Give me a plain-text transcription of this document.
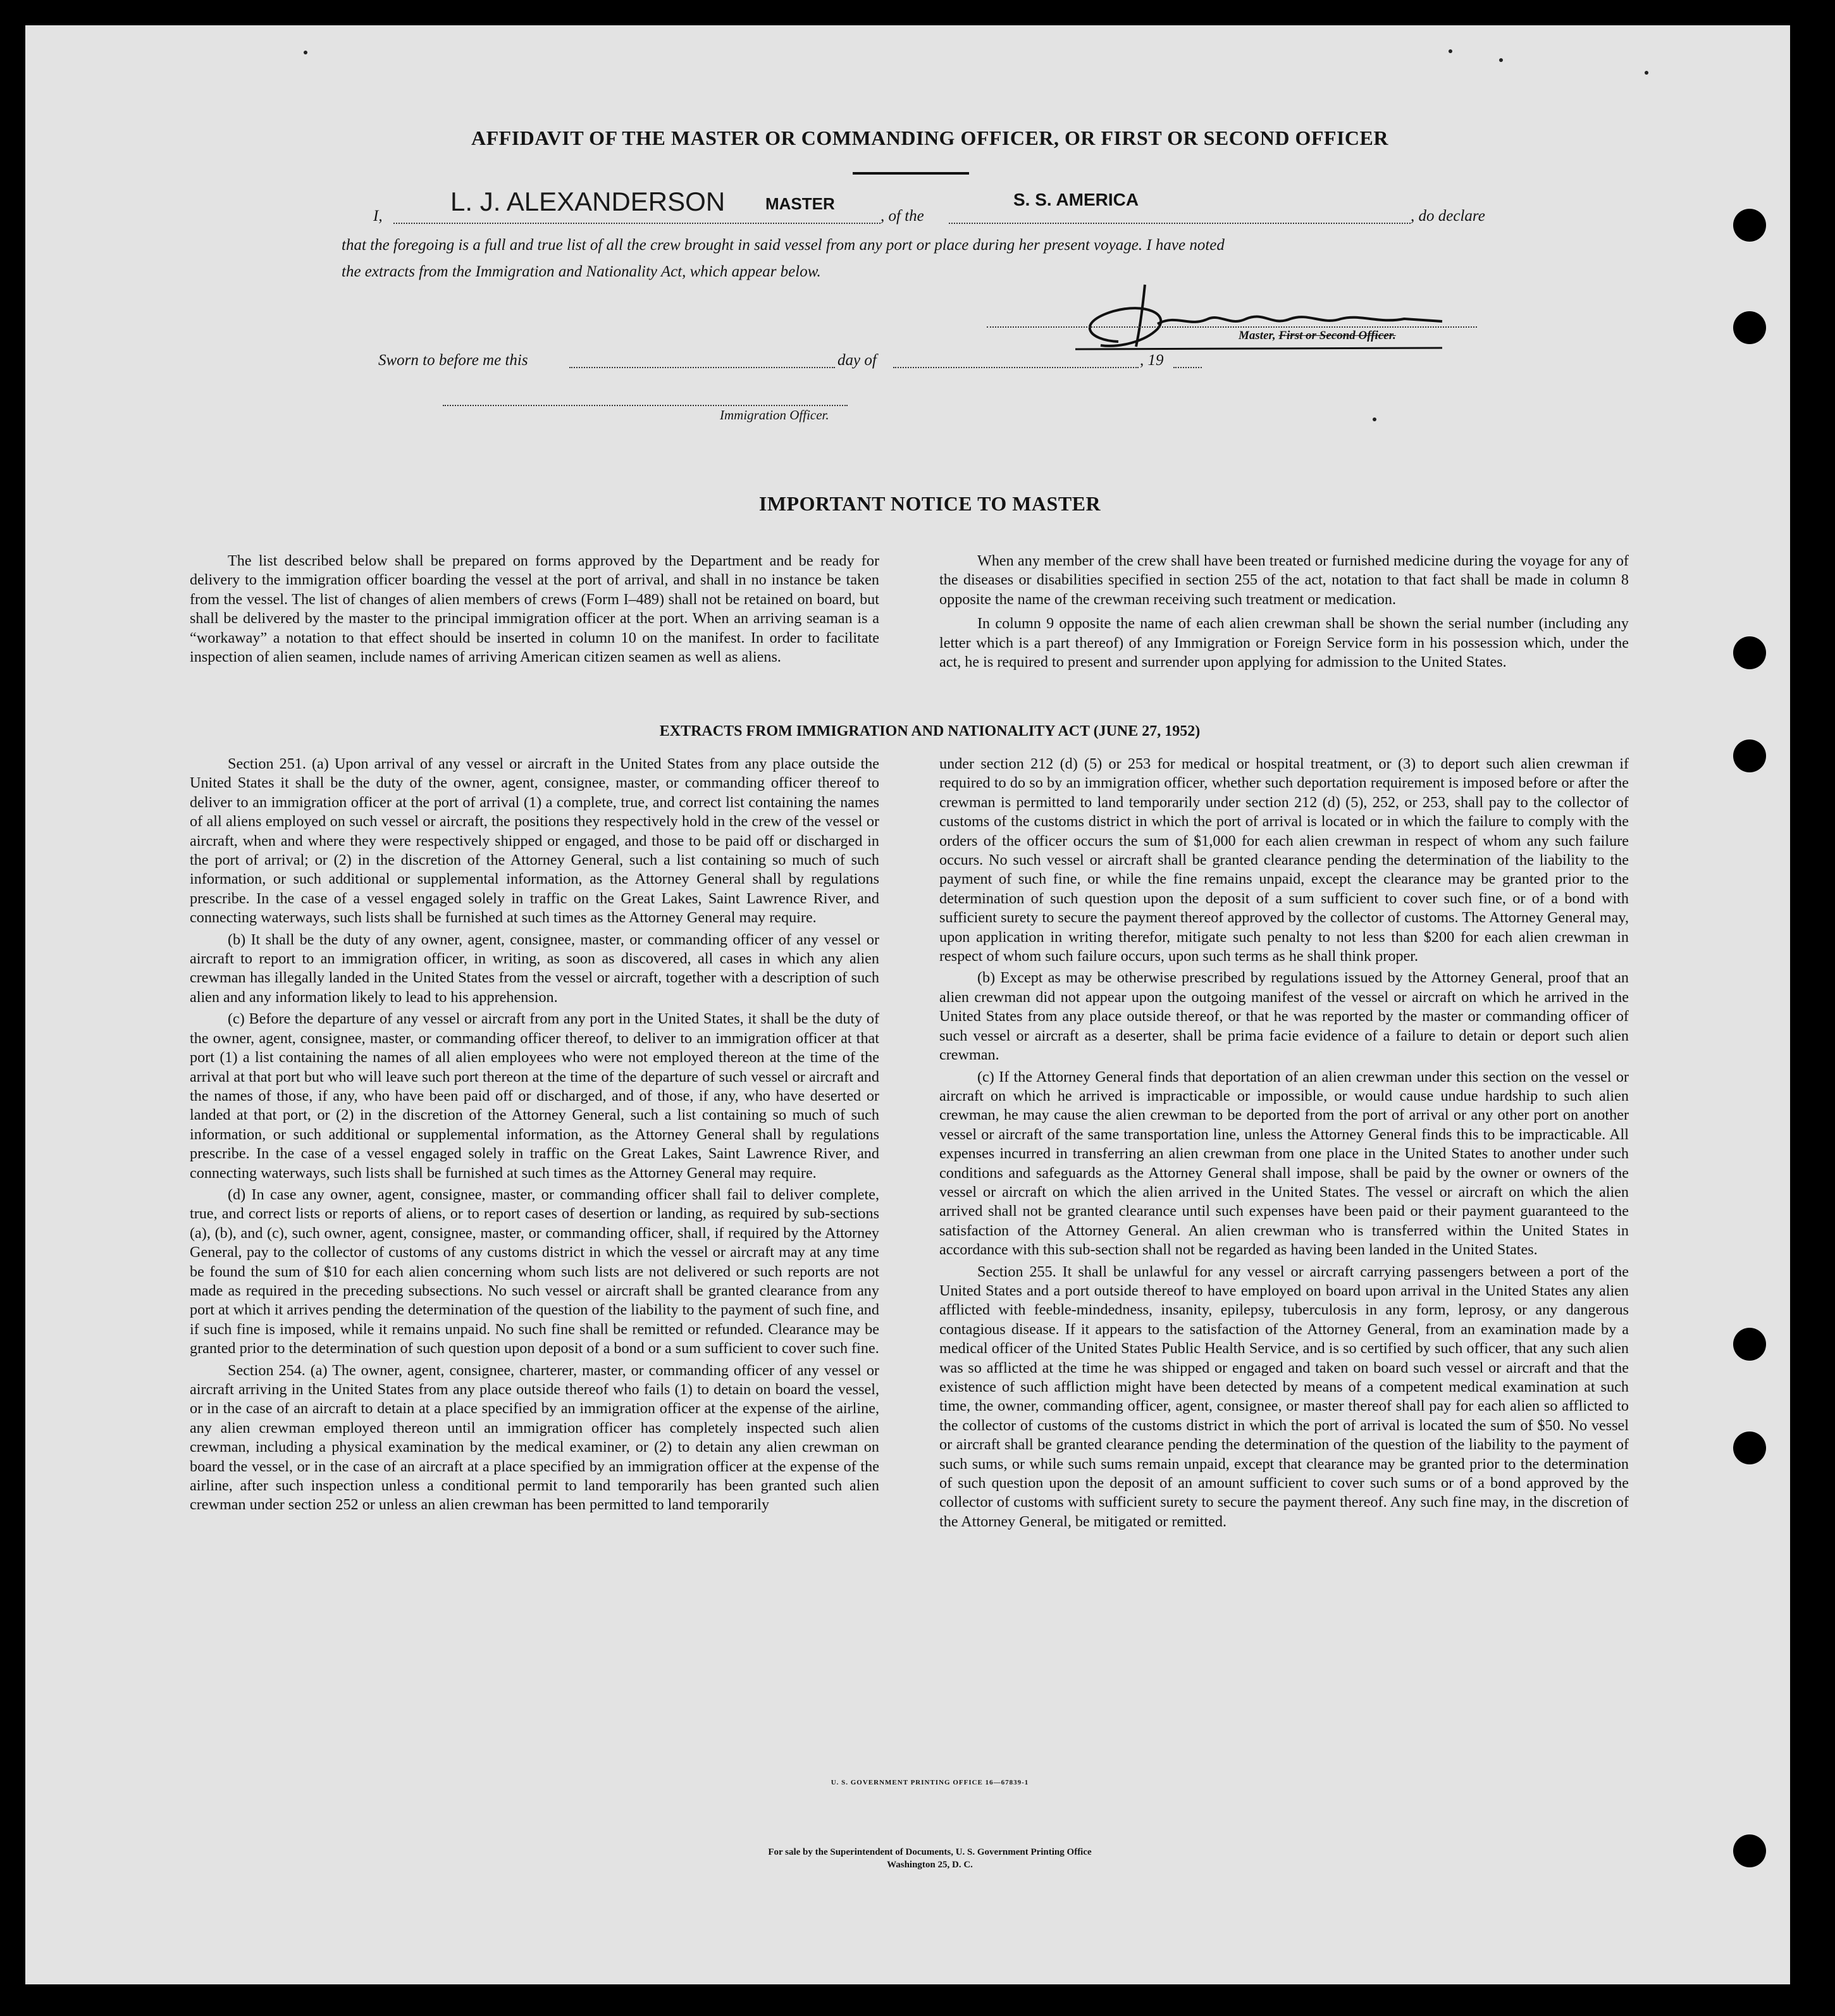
AFFIDAVIT OF THE MASTER OR COMMANDING OFFICER, OR FIRST OR SECOND OFFICER
I,	L. J. ALEXANDERSON MASTER
, of the
S. S. AMERICA
, do declare
that the foregoing is a full and true list of all the crew brought in said vessel from any port or place during her present voyage. I have noted
the extracts from the Immigration and Nationality Act, which appear below.
Master, First or Second Officer.
Sworn to before me this	day of	, 19
Immigration Officer.
IMPORTANT NOTICE TO MASTER

The list described below shall be prepared on forms approved by the Department and be ready for delivery to the immigration officer boarding the vessel at the port of arrival, and shall in no instance be taken from the vessel. The list of changes of alien members of crews (Form I–489) shall not be retained on board, but shall be delivered by the master to the principal immigration officer at the port. When an arriving seaman is a “workaway” a notation to that effect should be inserted in column 10 on the manifest. In order to facilitate inspection of alien seamen, include names of arriving American citizen seamen as well as aliens.

When any member of the crew shall have been treated or furnished medicine during the voyage for any of the diseases or disabilities specified in section 255 of the act, notation to that fact shall be made in column 8 opposite the name of the crewman receiving such treatment or medication.

In column 9 opposite the name of each alien crewman shall be shown the serial number (including any letter which is a part thereof) of any Immigration or Foreign Service form in his possession which, under the act, he is required to present and surrender upon applying for admission to the United States.

EXTRACTS FROM IMMIGRATION AND NATIONALITY ACT (JUNE 27, 1952)

Section 251. (a) Upon arrival of any vessel or aircraft in the United States from any place outside the United States it shall be the duty of the owner, agent, consignee, master, or commanding officer thereof to deliver to an immigration officer at the port of arrival (1) a complete, true, and correct list containing the names of all aliens employed on such vessel or aircraft, the positions they respectively hold in the crew of the vessel or aircraft, when and where they were respectively shipped or engaged, and those to be paid off or discharged in the port of arrival; or (2) in the discretion of the Attorney General, such a list containing so much of such information, or such additional or supplemental information, as the Attorney General shall by regulations prescribe. In the case of a vessel engaged solely in traffic on the Great Lakes, Saint Lawrence River, and connecting waterways, such lists shall be furnished at such times as the Attorney General may require.

(b) It shall be the duty of any owner, agent, consignee, master, or commanding officer of any vessel or aircraft to report to an immigration officer, in writing, as soon as discovered, all cases in which any alien crewman has illegally landed in the United States from the vessel or aircraft, together with a description of such alien and any information likely to lead to his apprehension.

(c) Before the departure of any vessel or aircraft from any port in the United States, it shall be the duty of the owner, agent, consignee, master, or commanding officer thereof, to deliver to an immigration officer at that port (1) a list containing the names of all alien employees who were not employed thereon at the time of the arrival at that port but who will leave such port thereon at the time of the departure of such vessel or aircraft and the names of those, if any, who have been paid off or discharged, and of those, if any, who have deserted or landed at that port, or (2) in the discretion of the Attorney General, such a list containing so much of such information, or such additional or supplemental information, as the Attorney General shall by regulations prescribe. In the case of a vessel engaged solely in traffic on the Great Lakes, Saint Lawrence River, and connecting waterways, such lists shall be furnished at such times as the Attorney General may require.

(d) In case any owner, agent, consignee, master, or commanding officer shall fail to deliver complete, true, and correct lists or reports of aliens, or to report cases of desertion or landing, as required by sub-sections (a), (b), and (c), such owner, agent, consignee, master, or commanding officer, shall, if required by the Attorney General, pay to the collector of customs of any customs district in which the vessel or aircraft may at any time be found the sum of $10 for each alien concerning whom such lists are not delivered or such reports are not made as required in the preceding subsections. No such vessel or aircraft shall be granted clearance from any port at which it arrives pending the determination of the question of the liability to the payment of such fine, and if such fine is imposed, while it remains unpaid. No such fine shall be remitted or refunded. Clearance may be granted prior to the determination of such question upon deposit of a bond or a sum sufficient to cover such fine.

Section 254. (a) The owner, agent, consignee, charterer, master, or commanding officer of any vessel or aircraft arriving in the United States from any place outside thereof who fails (1) to detain on board the vessel, or in the case of an aircraft to detain at a place specified by an immigration officer at the expense of the airline, any alien crewman employed thereon until an immigration officer has completely inspected such alien crewman, including a physical examination by the medical examiner, or (2) to detain any alien crewman on board the vessel, or in the case of an aircraft at a place specified by an immigration officer at the expense of the airline, after such inspection unless a conditional permit to land temporarily has been granted such alien crewman under section 252 or unless an alien crewman has been permitted to land temporarily

under section 212 (d) (5) or 253 for medical or hospital treatment, or (3) to deport such alien crewman if required to do so by an immigration officer, whether such deportation requirement is imposed before or after the crewman is permitted to land temporarily under section 212 (d) (5), 252, or 253, shall pay to the collector of customs of the customs district in which the port of arrival is located or in which the failure to comply with the orders of the officer occurs the sum of $1,000 for each alien crewman in respect of whom any such failure occurs. No such vessel or aircraft shall be granted clearance pending the determination of the liability to the payment of such fine, or while the fine remains unpaid, except the clearance may be granted prior to the determination of such question upon the deposit of a sum sufficient to cover such fine, or of a bond with sufficient surety to secure the payment thereof approved by the collector of customs. The Attorney General may, upon application in writing therefor, mitigate such penalty to not less than $200 for each alien crewman in respect of whom such failure occurs, upon such terms as he shall think proper.

(b) Except as may be otherwise prescribed by regulations issued by the Attorney General, proof that an alien crewman did not appear upon the outgoing manifest of the vessel or aircraft on which he arrived in the United States from any place outside thereof, or that he was reported by the master or commanding officer of such vessel or aircraft as a deserter, shall be prima facie evidence of a failure to detain or deport such alien crewman.

(c) If the Attorney General finds that deportation of an alien crewman under this section on the vessel or aircraft on which he arrived is impracticable or impossible, or would cause undue hardship to such alien crewman, he may cause the alien crewman to be deported from the port of arrival or any other port on another vessel or aircraft of the same transportation line, unless the Attorney General finds this to be impracticable. All expenses incurred in transferring an alien crewman from one place in the United States to another under such conditions and safeguards as the Attorney General shall impose, shall be paid by the owner or owners of the vessel or aircraft on which the alien arrived in the United States. The vessel or aircraft on which the alien arrived shall not be granted clearance until such expenses have been paid or their payment guaranteed to the satisfaction of the Attorney General. An alien crewman who is transferred within the United States in accordance with this sub-section shall not be regarded as having been landed in the United States.

Section 255. It shall be unlawful for any vessel or aircraft carrying passengers between a port of the United States and a port outside thereof to have employed on board upon arrival in the United States any alien afflicted with feeble-mindedness, insanity, epilepsy, tuberculosis in any form, leprosy, or any dangerous contagious disease. If it appears to the satisfaction of the Attorney General, from an examination made by a medical officer of the United States Public Health Service, and is so certified by such officer, that any such alien was so afflicted at the time he was shipped or engaged and taken on board such vessel or aircraft and that the existence of such affliction might have been detected by means of a competent medical examination at such time, the owner, commanding officer, agent, consignee, or master thereof shall pay for each alien so afflicted to the collector of customs of the customs district in which the port of arrival is located the sum of $50. No vessel or aircraft shall be granted clearance pending the determination of the question of the liability to the payment of such sums, or while such sums remain unpaid, except that clearance may be granted prior to the determination of such question upon the deposit of an amount sufficient to cover such sums or of a bond approved by the collector of customs with sufficient surety to secure the payment thereof. Any such fine may, in the discretion of the Attorney General, be mitigated or remitted.

U. S. GOVERNMENT PRINTING OFFICE 16—67839-1
For sale by the Superintendent of Documents, U. S. Government Printing Office
Washington 25, D. C.
